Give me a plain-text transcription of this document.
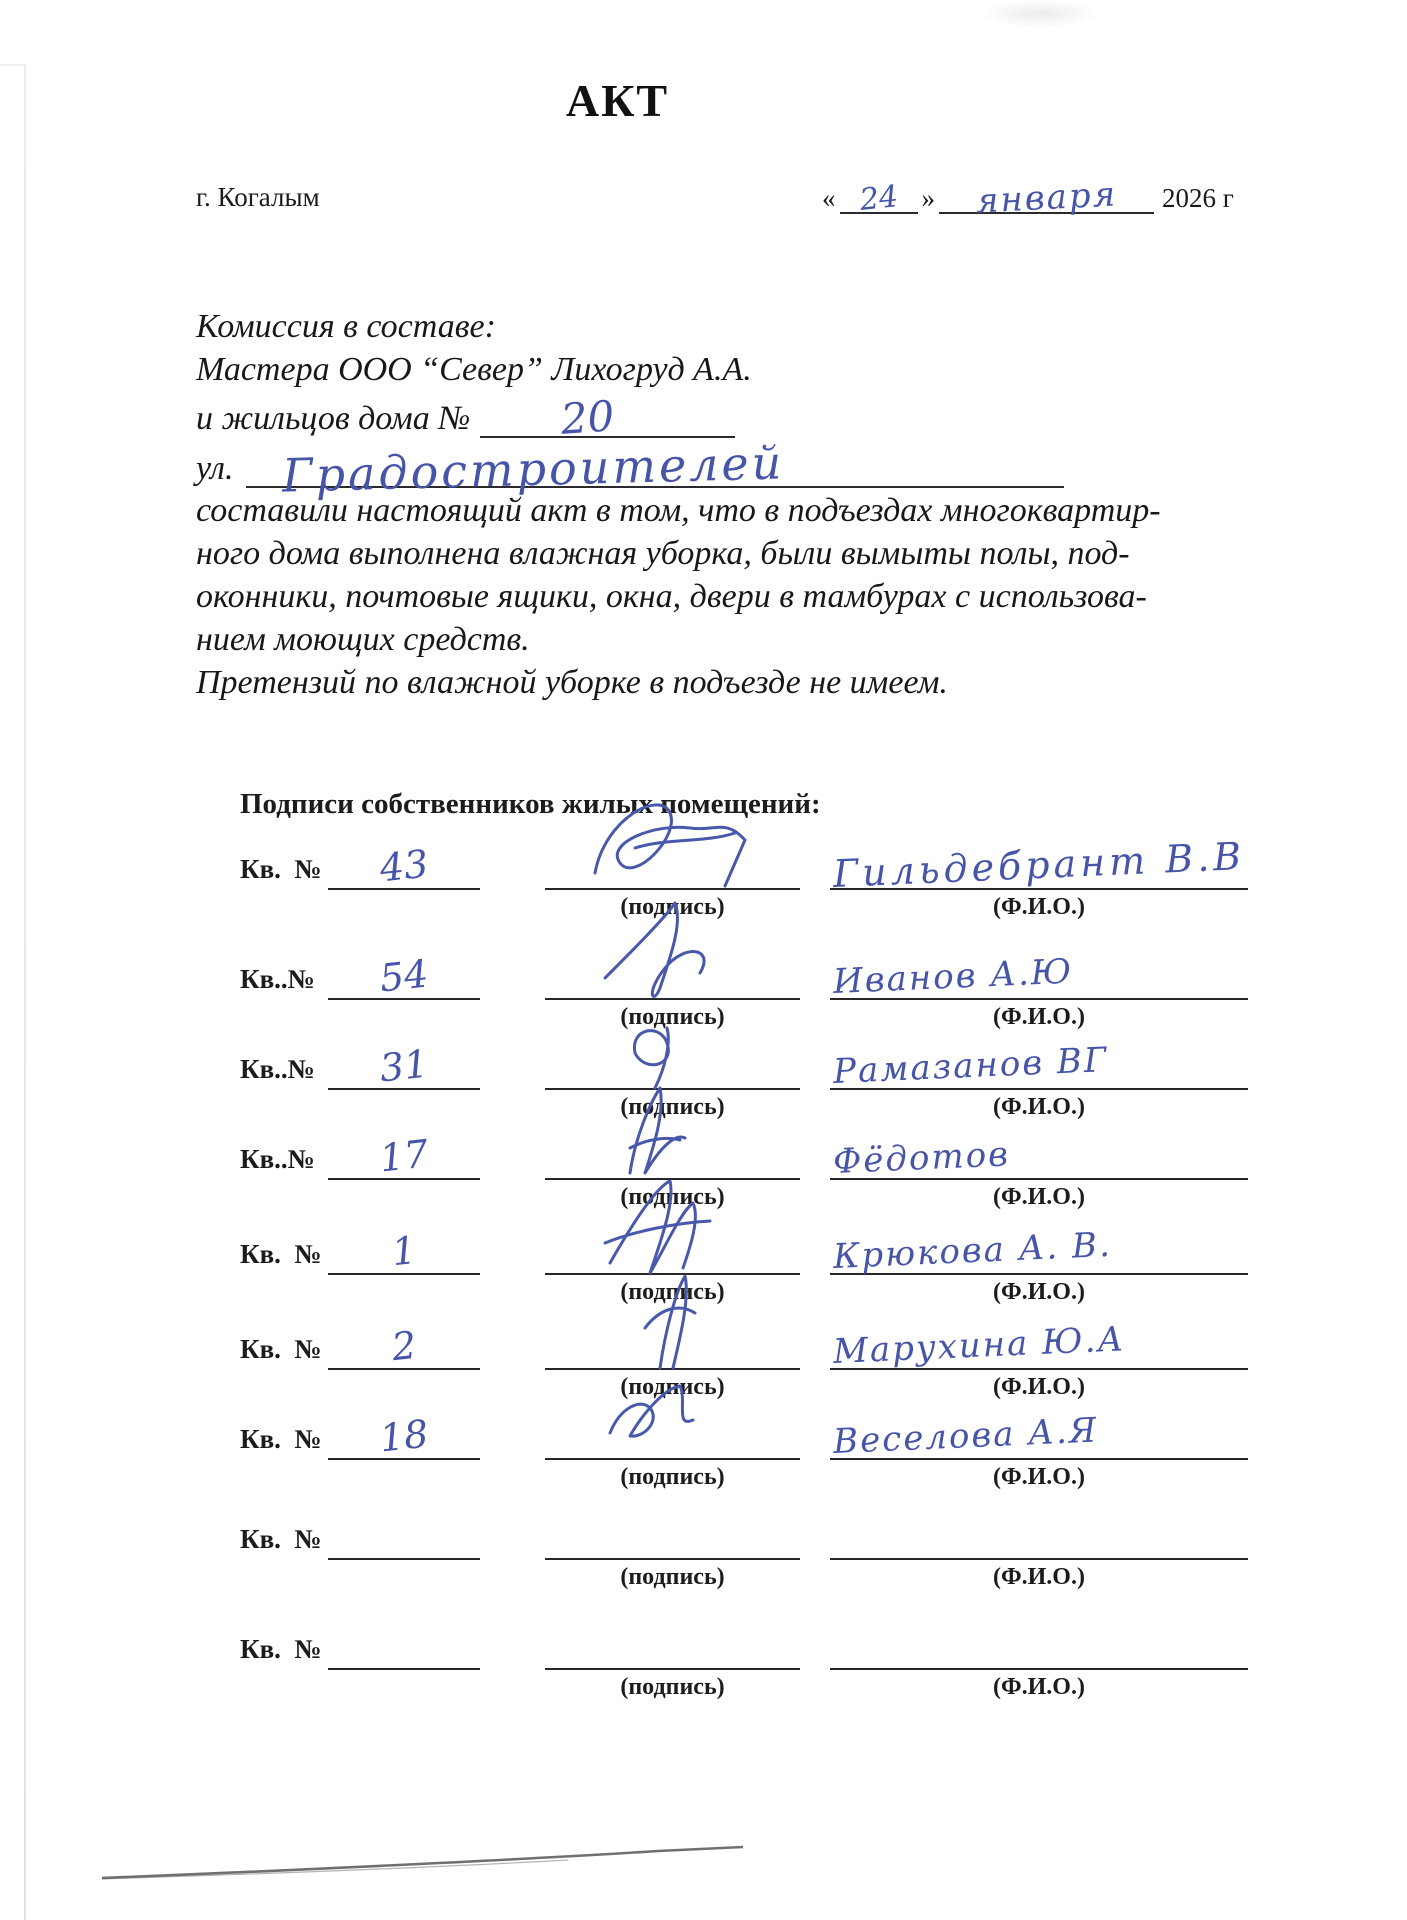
АКТ
г. Когалым	« 24 »	января	2026 г
Комиссия в составе:
Мастера ООО “Север” Лихогруд А.А.
и жильцов дома №	20
ул. Градостроителей
составили настоящий акт в том, что в подъездах многоквартир-
ного дома выполнена влажная уборка, были вымыты полы, под-
оконники, почтовые ящики, окна, двери в тамбурах с использова-
нием моющих средств.
Претензий по влажной уборке в подъезде не имеем.
Подписи собственников жилых помещений:
Кв.  №	43	Гильдебрант В.В
(подпись)	(Ф.И.О.)
Кв..№	54	Иванов А.Ю
(подпись)	(Ф.И.О.)
Кв..№	31	Рамазанов ВГ
(подпись)	(Ф.И.О.)
Кв..№	17	Фёдотов
(подпись)	(Ф.И.О.)
Кв.  №	1	Крюкова А. В.
(подпись)	(Ф.И.О.)
Кв.  №	2	Марухина Ю.А
(подпись)	(Ф.И.О.)
Кв.  №	18	Веселова А.Я
(подпись)	(Ф.И.О.)
Кв.  №
(подпись)	(Ф.И.О.)
Кв.  №
(подпись)	(Ф.И.О.)
